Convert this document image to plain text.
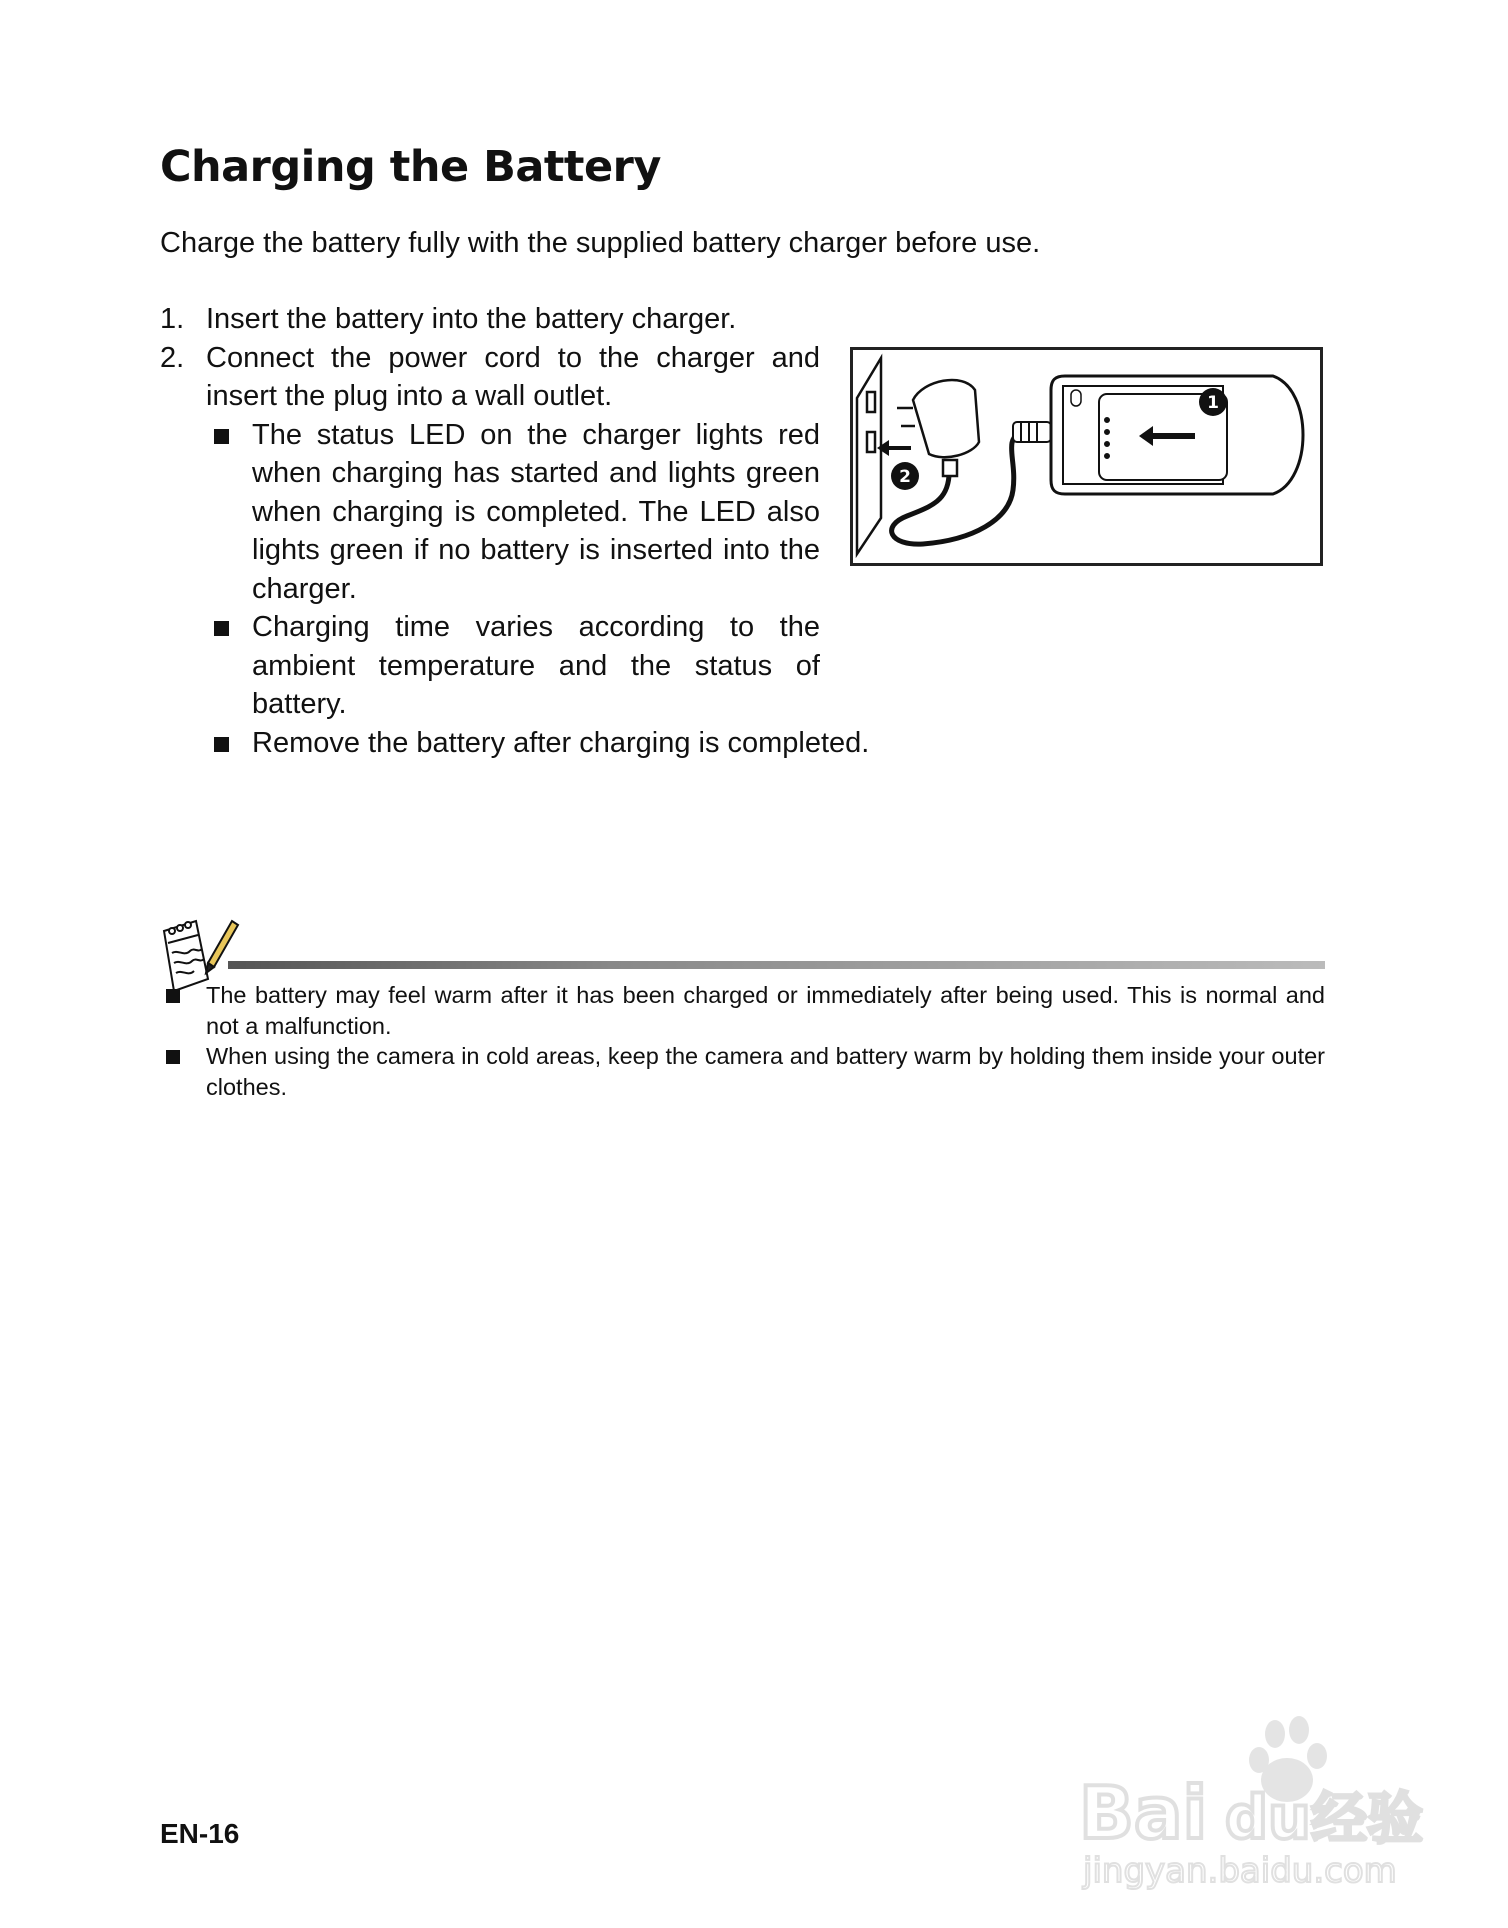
Charging the Battery
Charge the battery fully with the supplied battery charger before use.
1. Insert the battery into the battery charger.
2. Connect the power cord to the charger and insert the plug into a wall outlet.
The status LED on the charger lights red when charging has started and lights green when charging is completed. The LED also lights green if no battery is inserted into the charger.
Charging time varies according to the ambient temperature and the status of battery.
Remove the battery after charging is completed.
2
1
The battery may feel warm after it has been charged or immediately after being used. This is normal and not a malfunction.
When using the camera in cold areas, keep the camera and battery warm by holding them inside your outer clothes.
EN-16	Bai du 经验
jingyan.baidu.com
